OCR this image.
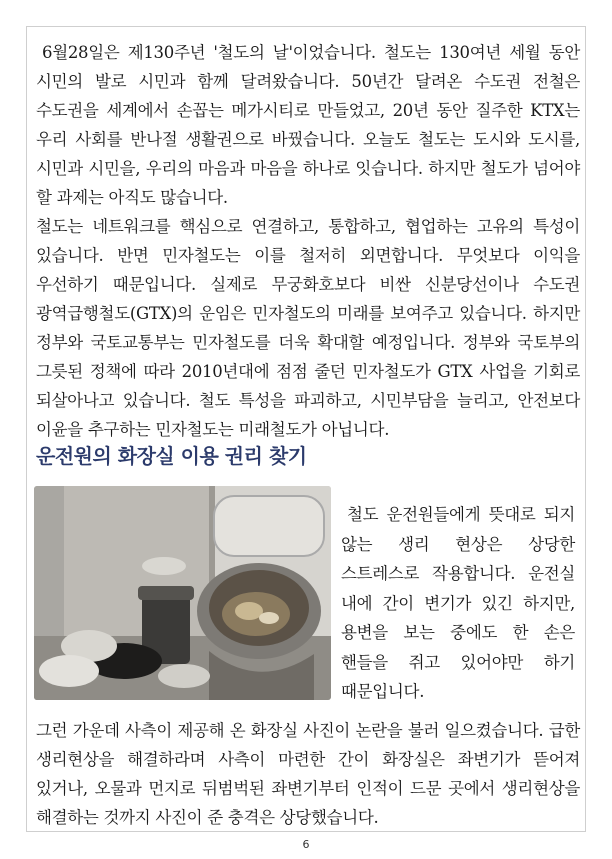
6월28일은 제130주년 '철도의 날'이었습니다. 철도는 130여년 세월 동안 시민의 발로 시민과 함께 달려왔습니다. 50년간 달려온 수도권 전철은 수도권을 세계에서 손꼽는 메가시티로 만들었고, 20년 동안 질주한 KTX는 우리 사회를 반나절 생활권으로 바꿨습니다. 오늘도 철도는 도시와 도시를, 시민과 시민을, 우리의 마음과 마음을 하나로 잇습니다. 하지만 철도가 넘어야 할 과제는 아직도 많습니다.
철도는 네트워크를 핵심으로 연결하고, 통합하고, 협업하는 고유의 특성이 있습니다. 반면 민자철도는 이를 철저히 외면합니다. 무엇보다 이익을 우선하기 때문입니다. 실제로 무궁화호보다 비싼 신분당선이나 수도권 광역급행철도(GTX)의 운임은 민자철도의 미래를 보여주고 있습니다. 하지만 정부와 국토교통부는 민자철도를 더욱 확대할 예정입니다. 정부와 국토부의 그릇된 정책에 따라 2010년대에 점점 줄던 민자철도가 GTX 사업을 기회로 되살아나고 있습니다. 철도 특성을 파괴하고, 시민부담을 늘리고, 안전보다 이윤을 추구하는 민자철도는 미래철도가 아닙니다.
운전원의 화장실 이용 권리 찾기

철도 운전원들에게 뜻대로 되지 않는 생리 현상은 상당한 스트레스로 작용합니다. 운전실 내에 간이 변기가 있긴 하지만, 용변을 보는 중에도 한 손은 핸들을 쥐고 있어야만 하기 때문입니다.

그런 가운데 사측이 제공해 온 화장실 사진이 논란을 불러 일으켰습니다. 급한 생리현상을 해결하라며 사측이 마련한 간이 화장실은 좌변기가 뜯어져 있거나, 오물과 먼지로 뒤범벅된 좌변기부터 인적이 드문 곳에서 생리현상을 해결하는 것까지 사진이 준 충격은 상당했습니다.

6
